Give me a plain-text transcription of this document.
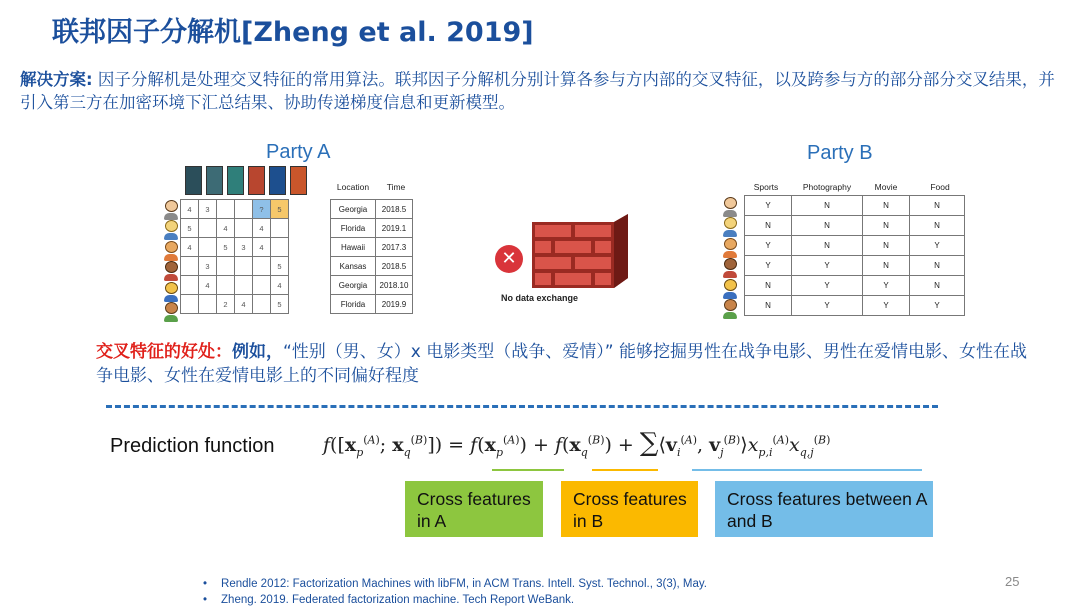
联邦因子分解机[Zheng et al. 2019]
解决方案: 因子分解机是处理交叉特征的常用算法。联邦因子分解机分别计算各参与方内部的交叉特征，以及跨参与方的部分部分交叉结果，并引入第三方在加密环境下汇总结果、协助传递梯度信息和更新模型。
Party A
4	3			?	5
5		4		4	
4		5	3	4	
	3				5
	4				4
		2	4		5
Location	Time
Georgia	2018.5
Florida	2019.1
Hawaii	2017.3
Kansas	2018.5
Georgia	2018.10
Florida	2019.9
✕
No data exchange
Party B
Sports	Photography	Movie	Food
Y	N	N	N
N	N	N	N
Y	N	N	Y
Y	Y	N	N
N	Y	Y	N
N	Y	Y	Y
交叉特征的好处：例如，“性别（男、女）x 电影类型（战争、爱情）” 能够挖掘男性在战争电影、男性在爱情电影、女性在战争电影、女性在爱情电影上的不同偏好程度
Prediction function	$f([x_p^{(A)}$; $x_q^{(B)}]) = f(x_p^{(A)}) + f(x_q^{(B)})$ + $\sum⟨v_i^{(A)}$, $v_j^{(B)}⟩x_{p,i}^{(A)}x_{q,j}^{(B)}$
Cross features in A
Cross features in B
Cross features between A and B
• Rendle 2012: Factorization Machines with libFM, in ACM Trans. Intell. Syst. Technol., 3(3), May.
• Zheng. 2019. Federated factorization machine. Tech Report WeBank.
25
